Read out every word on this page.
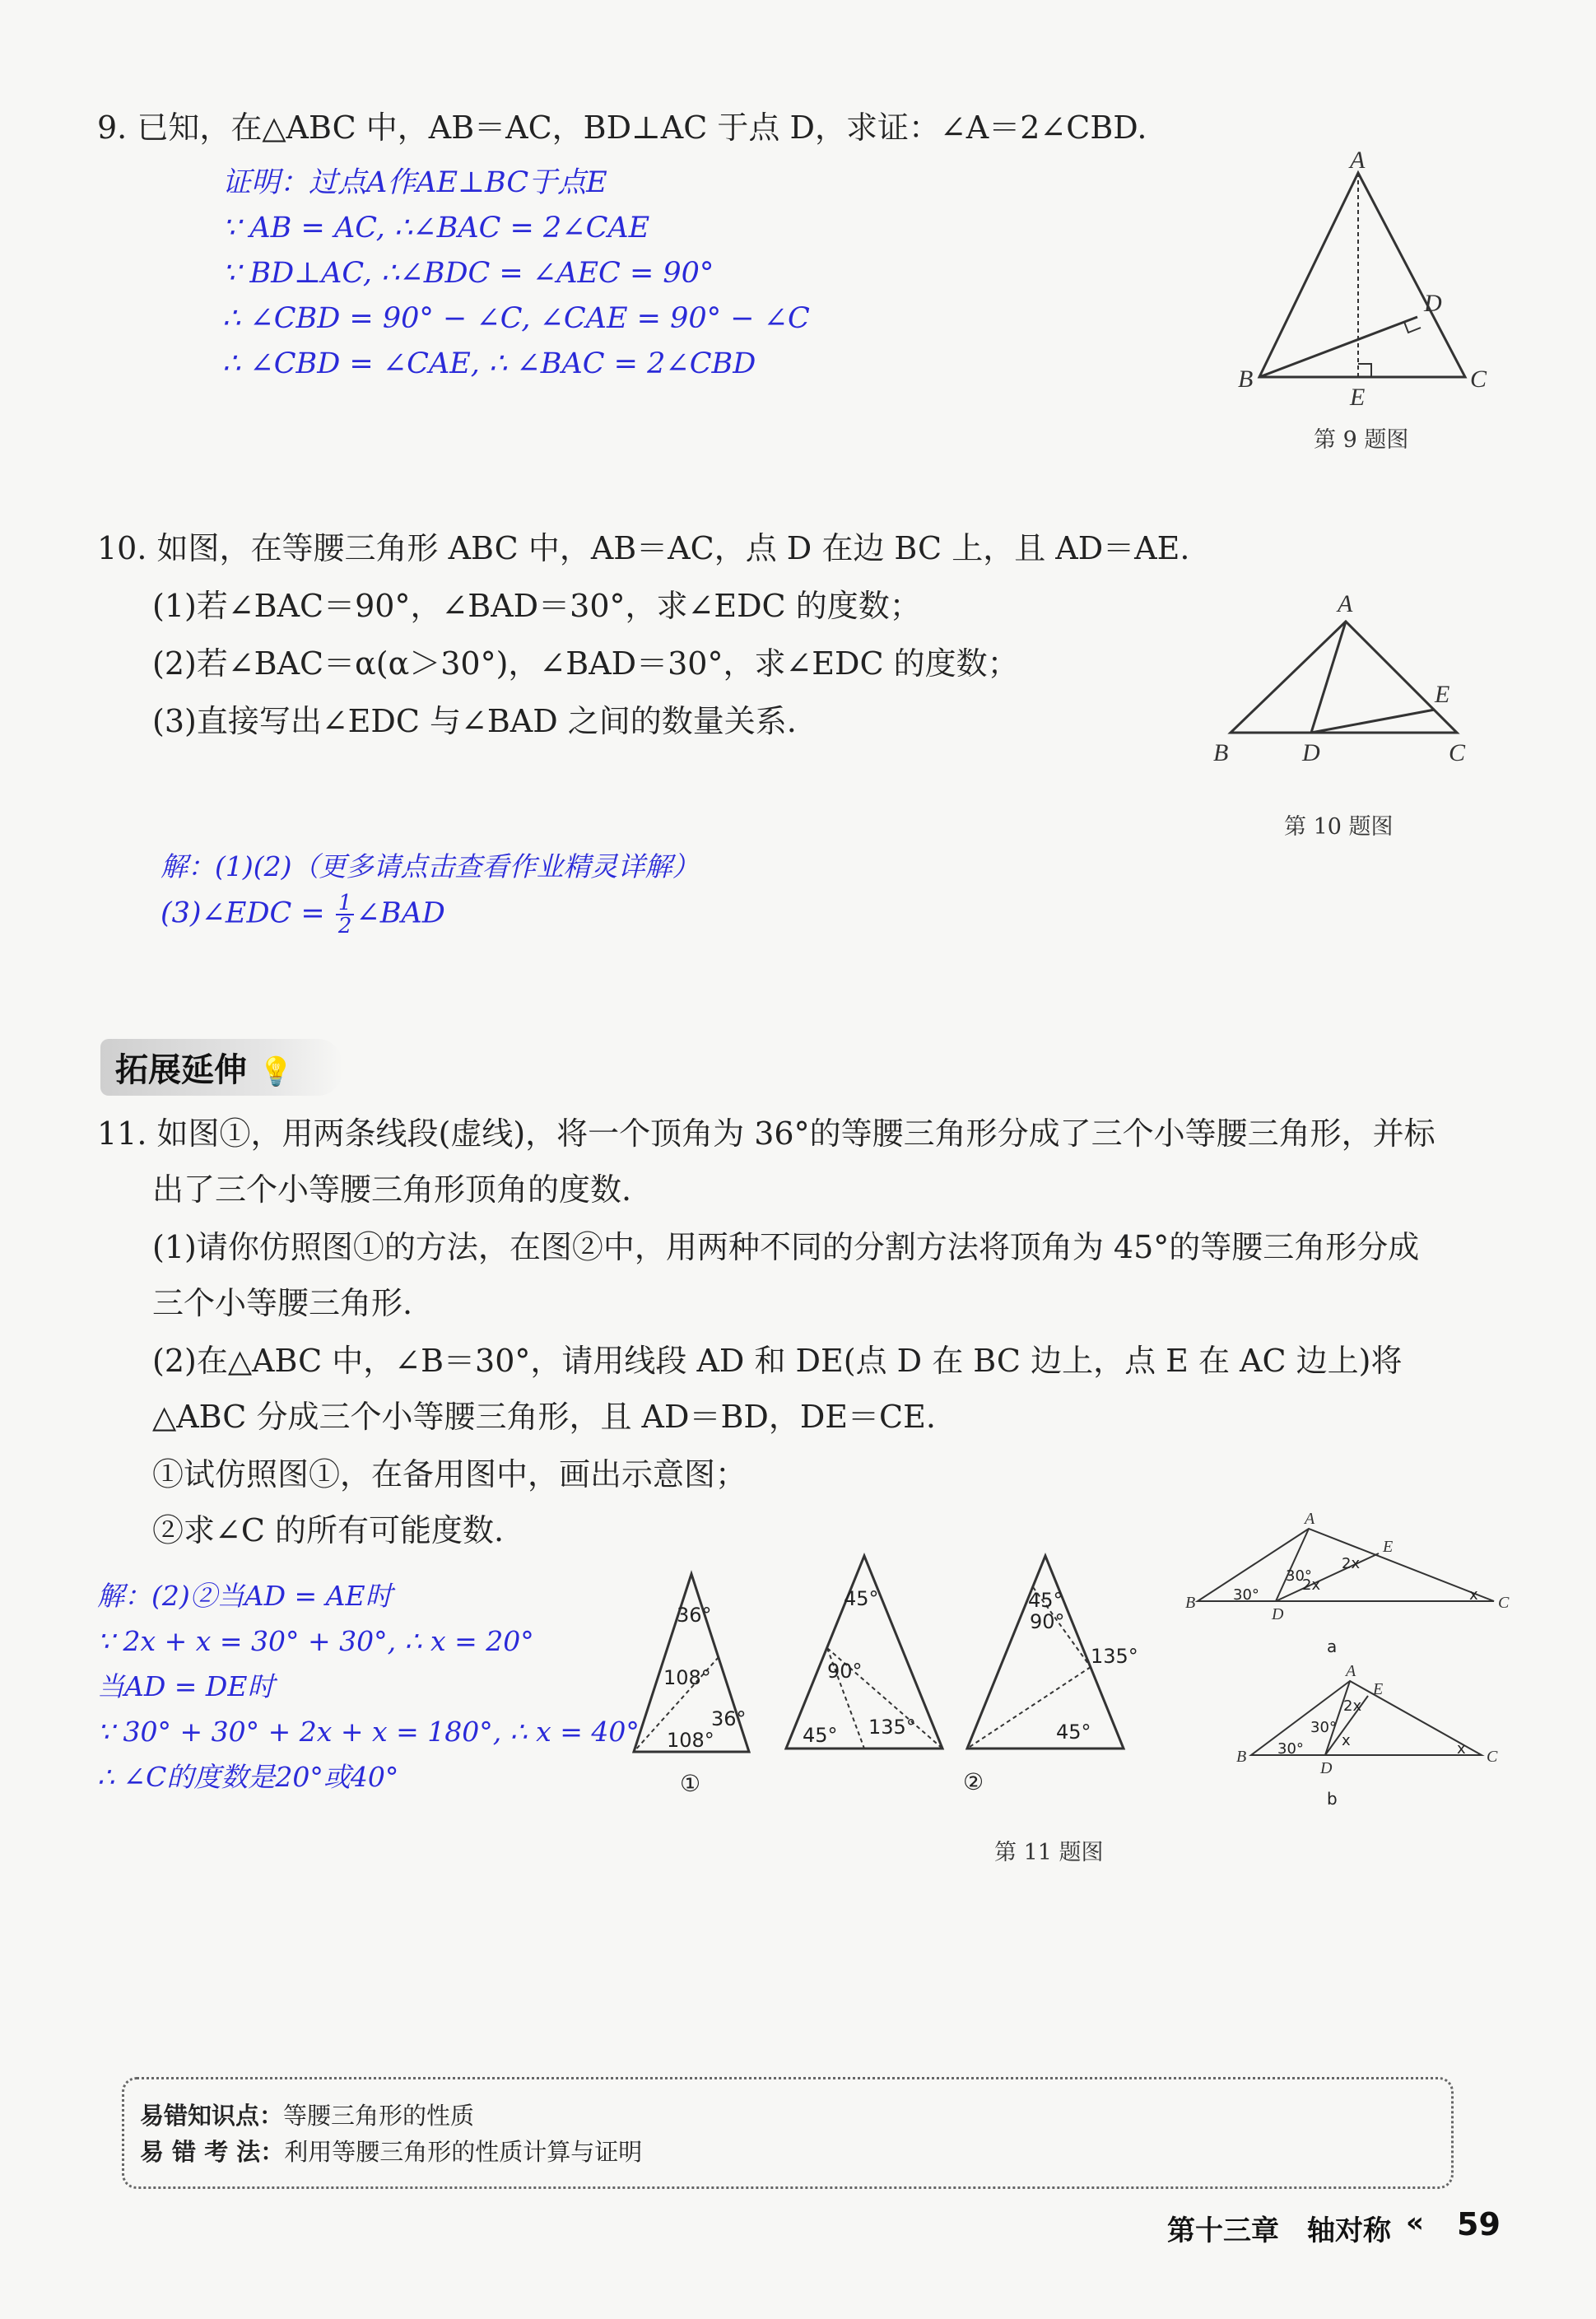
9. 已知，在△ABC 中，AB＝AC，BD⊥AC 于点 D，求证：∠A＝2∠CBD.
证明：过点A作AE⊥BC于点E
∵ AB = AC, ∴∠BAC = 2∠CAE
∵ BD⊥AC, ∴∠BDC = ∠AEC = 90°
∴ ∠CBD = 90° − ∠C, ∠CAE = 90° − ∠C
∴ ∠CBD = ∠CAE, ∴ ∠BAC = 2∠CBD
A
B	C
D
E
第 9 题图
10. 如图，在等腰三角形 ABC 中，AB＝AC，点 D 在边 BC 上，且 AD＝AE.
(1)若∠BAC＝90°，∠BAD＝30°，求∠EDC 的度数；
(2)若∠BAC＝α(α＞30°)，∠BAD＝30°，求∠EDC 的度数；
(3)直接写出∠EDC 与∠BAD 之间的数量关系.
A
B	D	C
E
第 10 题图
解：(1)(2)（更多请点击查看作业精灵详解）
(3)∠EDC = $\frac{1}{2}$ ∠BAD
拓展延伸 💡
11. 如图①，用两条线段(虚线)，将一个顶角为 36°的等腰三角形分成了三个小等腰三角形，并标
出了三个小等腰三角形顶角的度数.
(1)请你仿照图①的方法，在图②中，用两种不同的分割方法将顶角为 45°的等腰三角形分成
三个小等腰三角形.
(2)在△ABC 中，∠B＝30°，请用线段 AD 和 DE(点 D 在 BC 边上，点 E 在 AC 边上)将
△ABC 分成三个小等腰三角形，且 AD＝BD，DE＝CE.
①试仿照图①，在备用图中，画出示意图；
②求∠C 的所有可能度数.
解：(2)②当AD = AE时
∵ 2x + x = 30° + 30°, ∴ x = 20°
当AD = DE时
∵ 30° + 30° + 2x + x = 180°, ∴ x = 40°
∴ ∠C的度数是20°或40°
36°
108°
36°
108°
①
45°
90°
45° 135°
45°
90°
135°
45°
②
A
B	C
D
E
30°
2x
30°
2x
x
a
A
B	C
D
E
30°
2x
30°	x	x
b
第 11 题图
易错知识点：等腰三角形的性质
易 错 考 法：利用等腰三角形的性质计算与证明
第十三章　轴对称 « 59
